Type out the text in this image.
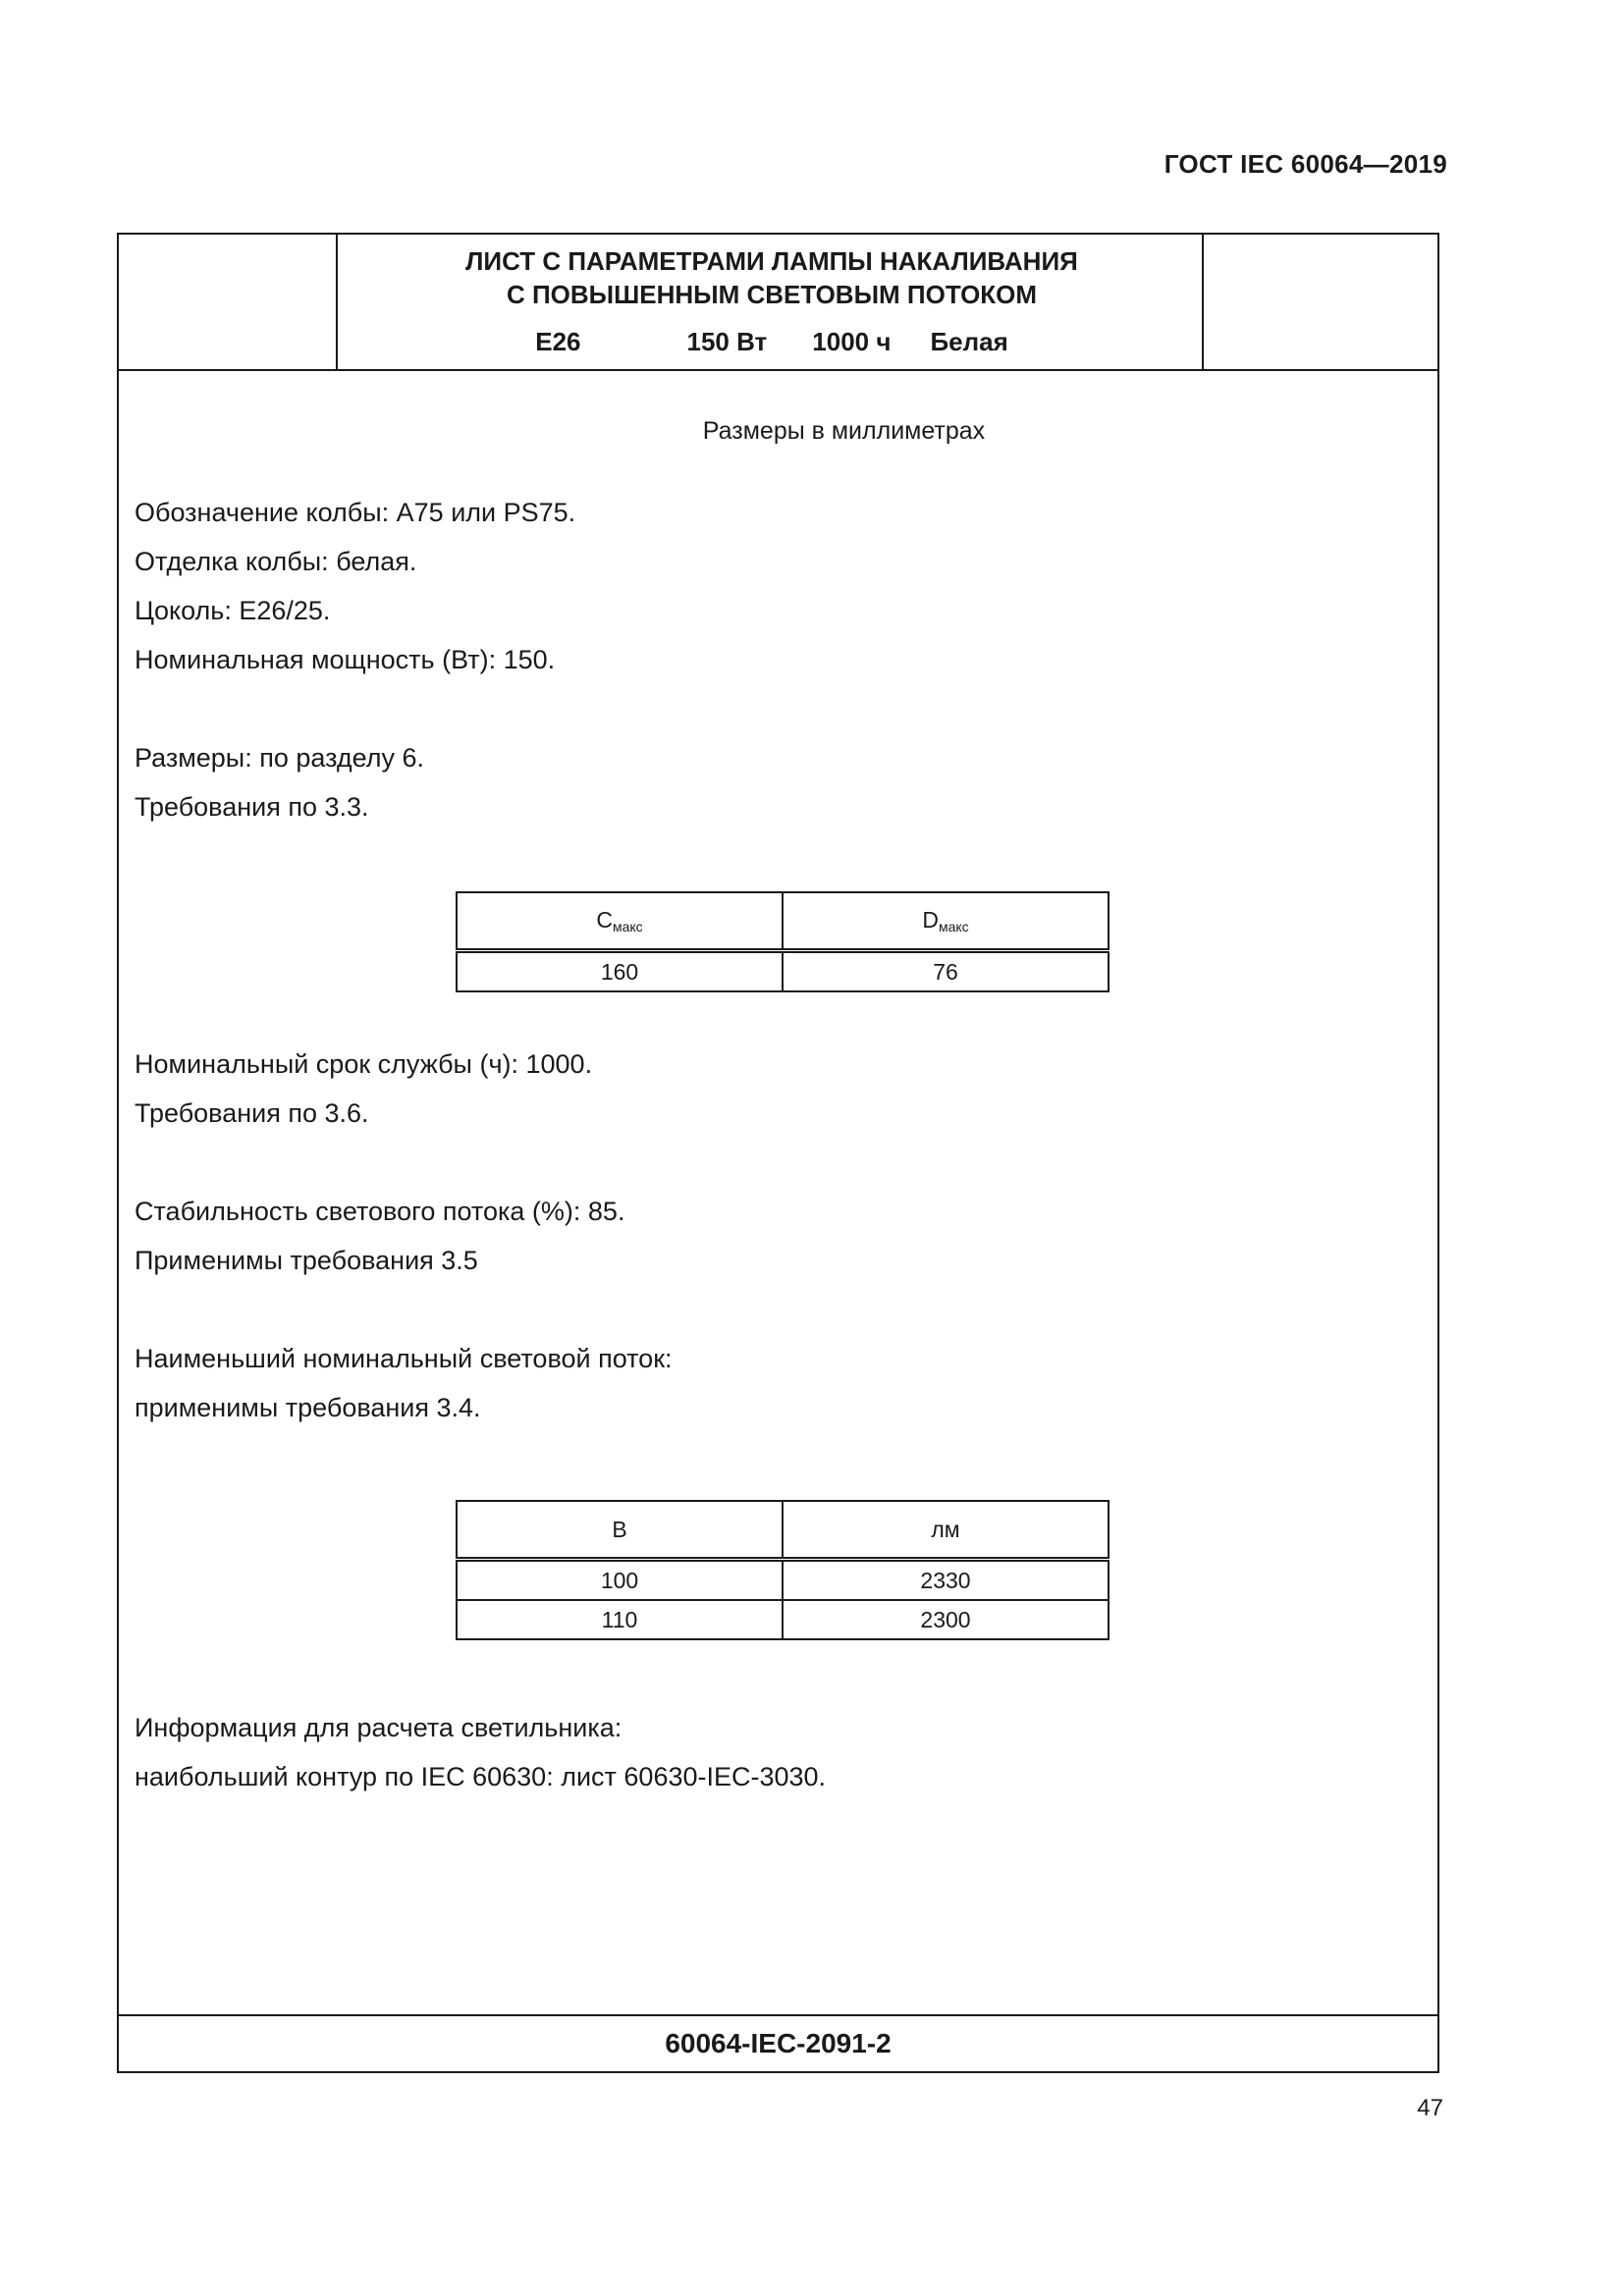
ГОСТ IEC 60064—2019
ЛИСТ С ПАРАМЕТРАМИ ЛАМПЫ НАКАЛИВАНИЯ
С ПОВЫШЕННЫМ СВЕТОВЫМ ПОТОКОМ
E26	150 Вт 1000 ч Белая
Размеры в миллиметрах
Обозначение колбы: А75 или PS75.
Отделка колбы: белая.
Цоколь: E26/25.
Номинальная мощность (Вт): 150.
Размеры: по разделу 6.
Требования по 3.3.
$C_{макс}$	$D_{макс}$
160	76
Номинальный срок службы (ч): 1000.
Требования по 3.6.
Стабильность светового потока (%): 85.
Применимы требования 3.5
Наименьший номинальный световой поток:
применимы требования 3.4.
В	лм
100	2330
110	2300
Информация для расчета светильника:
наибольший контур по IEC 60630: лист 60630-IEC-3030.
60064-IEC-2091-2
47
